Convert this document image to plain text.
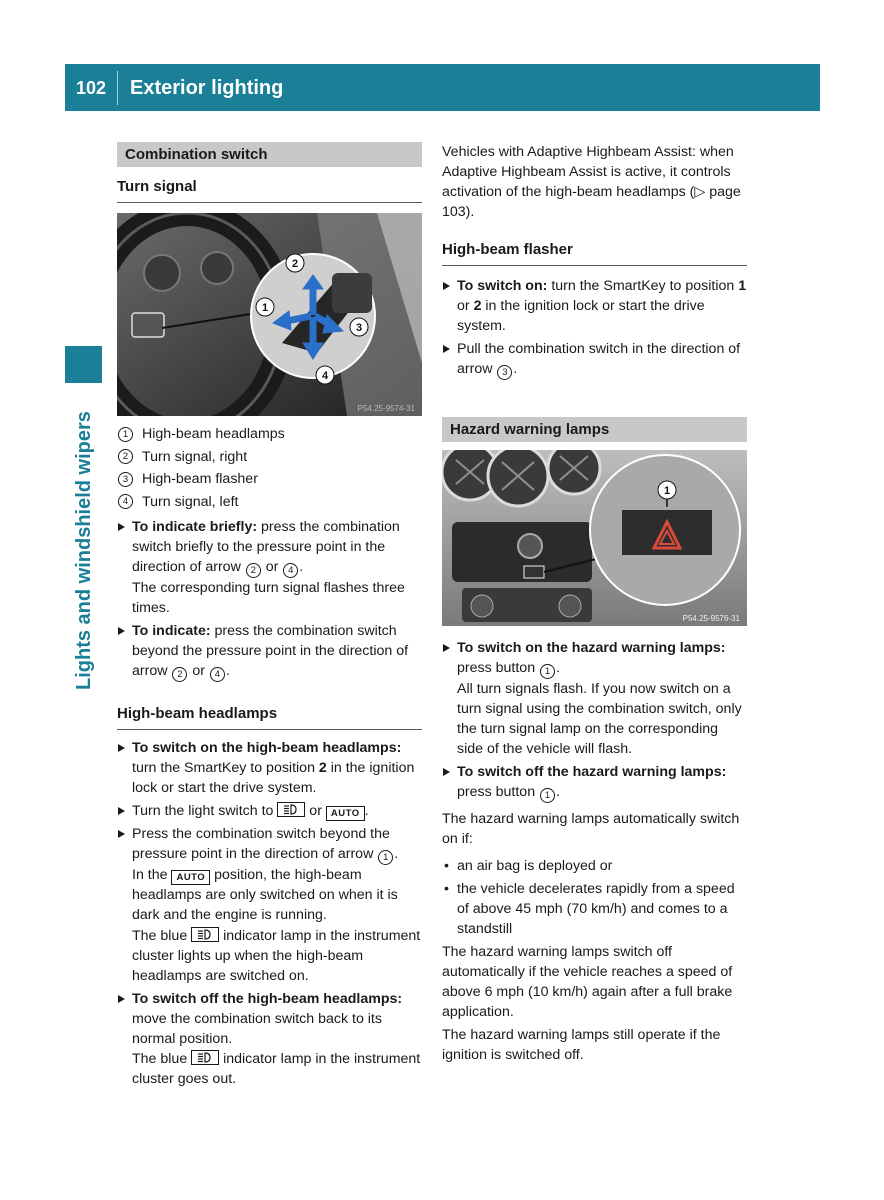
102	Exterior lighting
Lights and windshield wipers
Combination switch
Turn signal
2
1
3
4
P54.25-9574-31
1 High-beam headlamps
2 Turn signal, right
3 High-beam flasher
4 Turn signal, left

To indicate briefly: press the combination switch briefly to the pressure point in the direction of arrow 2 or 4 .

The corresponding turn signal flashes three times.

To indicate: press the combination switch beyond the pressure point in the direction of arrow 2 or 4 .

High-beam headlamps

To switch on the high-beam headlamps: turn the SmartKey to position 2 in the ignition lock or start the drive system.

Turn the light switch to
or AUTO .

Press the combination switch beyond the pressure point in the direction of arrow 1 .

In the AUTO position, the high-beam headlamps are only switched on when it is dark and the engine is running.

The blue
indicator lamp in the instrument cluster lights up when the high-beam headlamps are switched on.

To switch off the high-beam headlamps: move the combination switch back to its normal position.

The blue
indicator lamp in the instrument cluster goes out.

Vehicles with Adaptive Highbeam Assist: when Adaptive Highbeam Assist is active, it controls activation of the high-beam headlamps (▷ page 103).

High-beam flasher

To switch on: turn the SmartKey to position 1 or 2 in the ignition lock or start the drive system.

Pull the combination switch in the direction of arrow 3 .

Hazard warning lamps
1
P54.25-9576-31

To switch on the hazard warning lamps: press button 1 .

All turn signals flash. If you now switch on a turn signal using the combination switch, only the turn signal lamp on the corresponding side of the vehicle will flash.

To switch off the hazard warning lamps: press button 1 .

The hazard warning lamps automatically switch on if:

• an air bag is deployed or
• the vehicle decelerates rapidly from a speed of above 45 mph (70 km/h) and comes to a standstill

The hazard warning lamps switch off automatically if the vehicle reaches a speed of above 6 mph (10 km/h) again after a full brake application.

The hazard warning lamps still operate if the ignition is switched off.
